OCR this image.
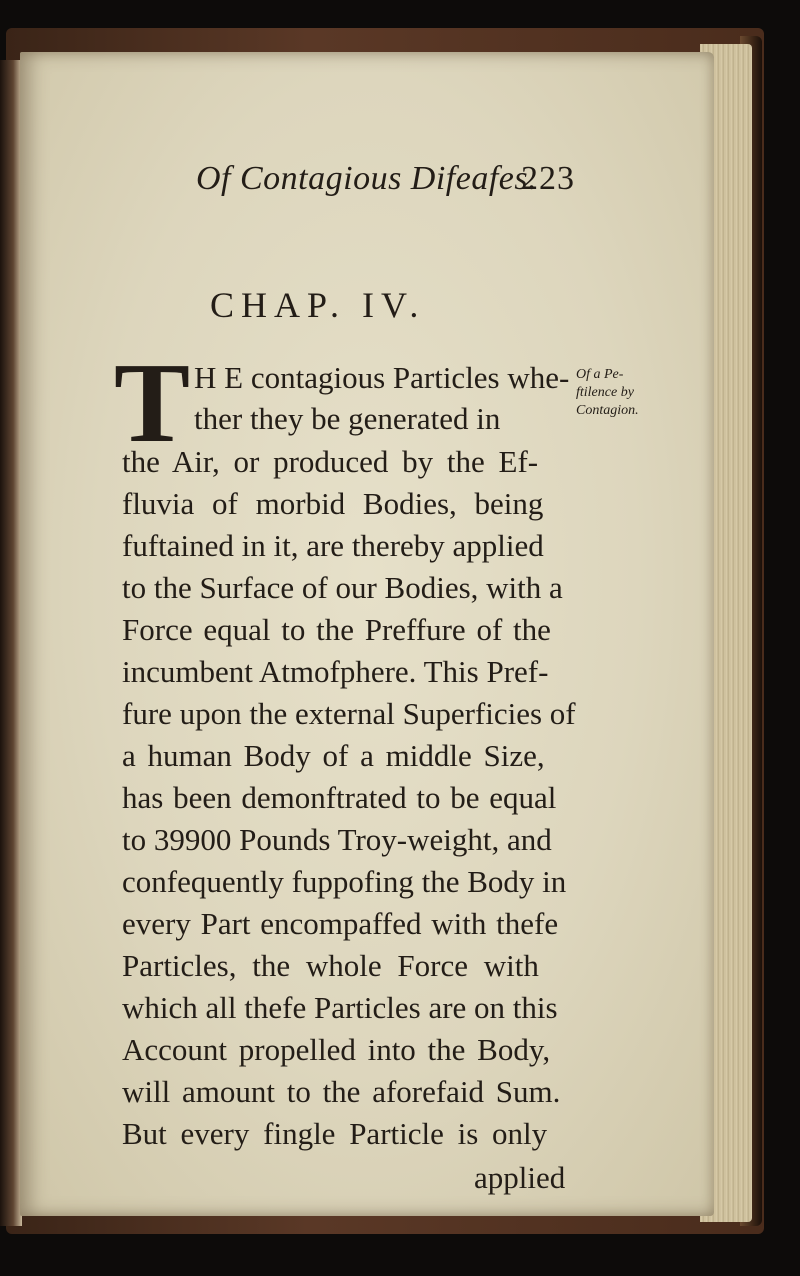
Of Contagious Difeafes.
223
CHAP. IV.
T H E contagious Particles whe-
ther they be generated in
the Air, or produced by the Ef-
fluvia of morbid Bodies, being
fuftained in it, are thereby applied
to the Surface of our Bodies, with a
Force equal to the Preffure of the
incumbent Atmofphere. This Pref-
fure upon the external Superficies of
a human Body of a middle Size,
has been demonftrated to be equal
to 39900 Pounds Troy-weight, and
confequently fuppofing the Body in
every Part encompaffed with thefe
Particles, the whole Force with
which all thefe Particles are on this
Account propelled into the Body,
will amount to the aforefaid Sum.
But every fingle Particle is only
applied
Of a Pe-
ftilence by
Contagion.
